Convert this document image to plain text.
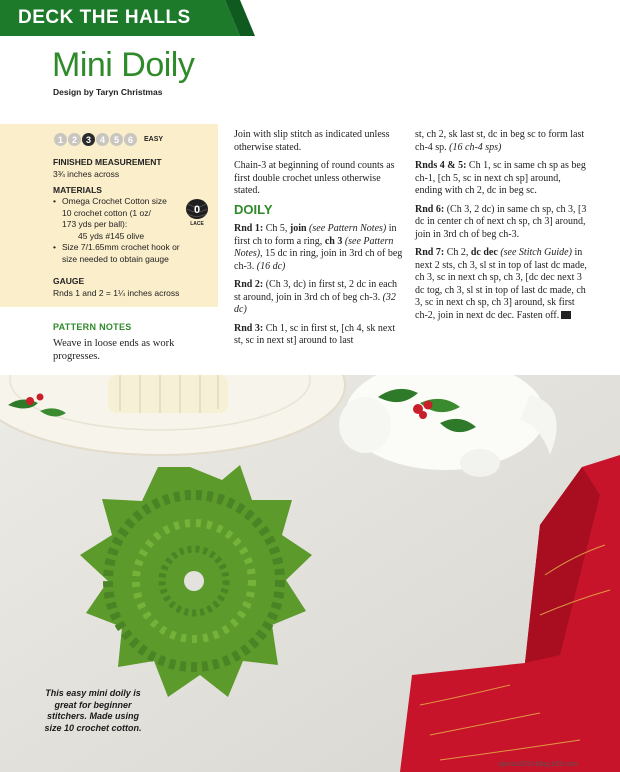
DECK THE HALLS
Mini Doily
Design by Taryn Christmas
1 2 3 4 5 6	EASY
FINISHED MEASUREMENT
3¾ inches across
MATERIALS
• Omega Crochet Cotton size
10 crochet cotton (1 oz/
173 yds per ball):
45 yds #145 olive
• Size 7/1.65mm crochet hook or
size needed to obtain gauge
0
LACE
GAUGE
Rnds 1 and 2 = 1¼ inches across
PATTERN NOTES
Weave in loose ends as work progresses.

Join with slip stitch as indicated unless otherwise stated.

Chain-3 at beginning of round counts as first double crochet unless otherwise stated.

DOILY

Rnd 1: Ch 5, join (see Pattern Notes) in first ch to form a ring, ch 3 (see Pattern Notes), 15 dc in ring, join in 3rd ch of beg ch-3. (16 dc)

Rnd 2: (Ch 3, dc) in first st, 2 dc in each st around, join in 3rd ch of beg ch-3. (32 dc)

Rnd 3: Ch 1, sc in first st, [ch 4, sk next st, sc in next st] around to last

st, ch 2, sk last st, dc in beg sc to form last ch-4 sp. (16 ch-4 sps)

Rnds 4 & 5: Ch 1, sc in same ch sp as beg ch-1, [ch 5, sc in next ch sp] around, ending with ch 2, dc in beg sc.

Rnd 6: (Ch 3, 2 dc) in same ch sp, ch 3, [3 dc in center ch of next ch sp, ch 3] around, join in 3rd ch of beg ch-3.

Rnd 7: Ch 2, dc dec (see Stitch Guide) in next 2 sts, ch 3, sl st in top of last dc made, ch 3, sc in next ch sp, ch 3, [dc dec next 3 dc tog, ch 3, sl st in top of last dc made, ch 3, sc in next ch sp, ch 3] around, sk first ch-2, join in next dc dec. Fasten off.

This easy mini doily is great for beginner stitchers. Made using size 10 crochet cotton.
sjznou2010.blog.163.com
